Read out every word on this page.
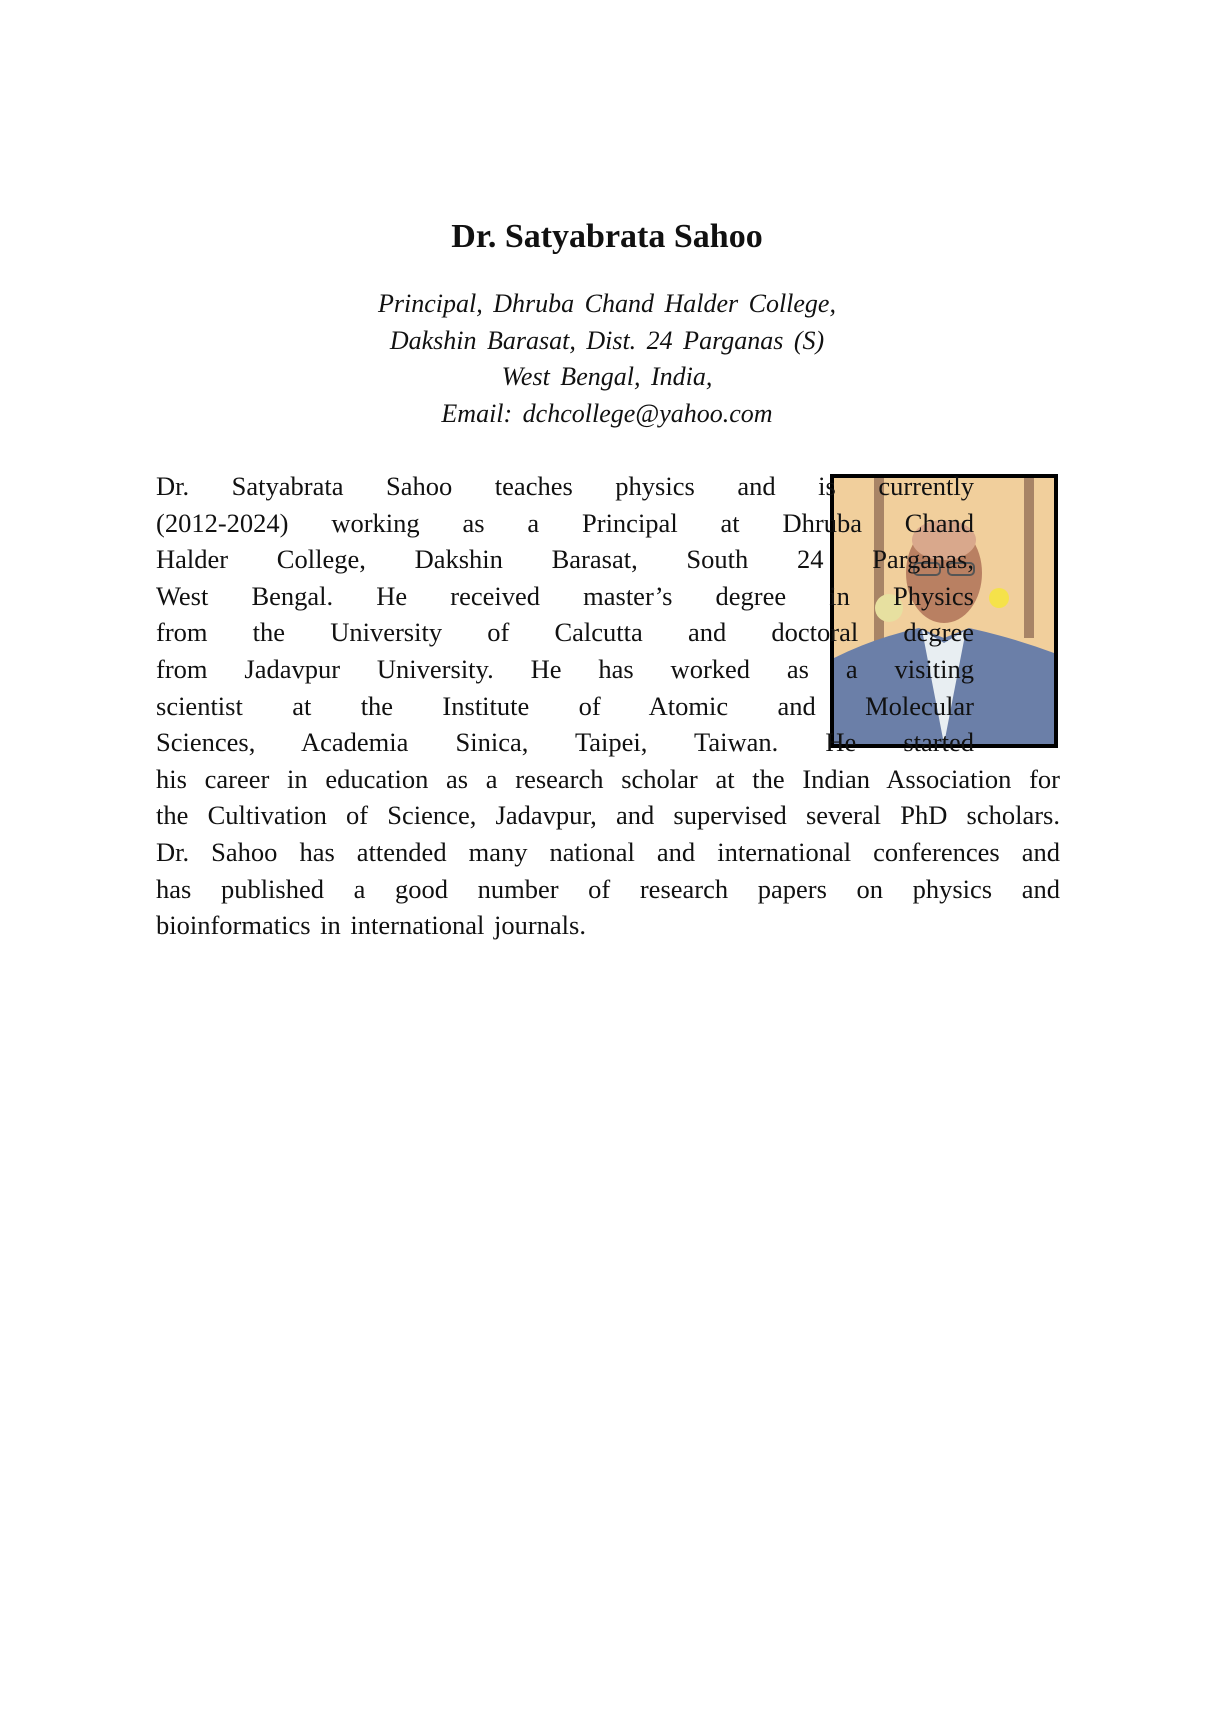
Dr. Satyabrata Sahoo
Principal, Dhruba Chand Halder College,
Dakshin Barasat, Dist. 24 Parganas (S)
West Bengal, India,
Email: dchcollege@yahoo.com
Dr. Satyabrata Sahoo teaches physics and is currently
(2012-2024) working as a Principal at Dhruba Chand
Halder College, Dakshin Barasat, South 24 Parganas,
West Bengal. He received master’s degree in Physics
from the University of Calcutta and doctoral degree
from Jadavpur University. He has worked as a visiting
scientist at the Institute of Atomic and Molecular
Sciences, Academia Sinica, Taipei, Taiwan. He started
his career in education as a research scholar at the Indian Association for
the Cultivation of Science, Jadavpur, and supervised several PhD scholars.
Dr. Sahoo has attended many national and international conferences and
has published a good number of research papers on physics and
bioinformatics in international journals.
